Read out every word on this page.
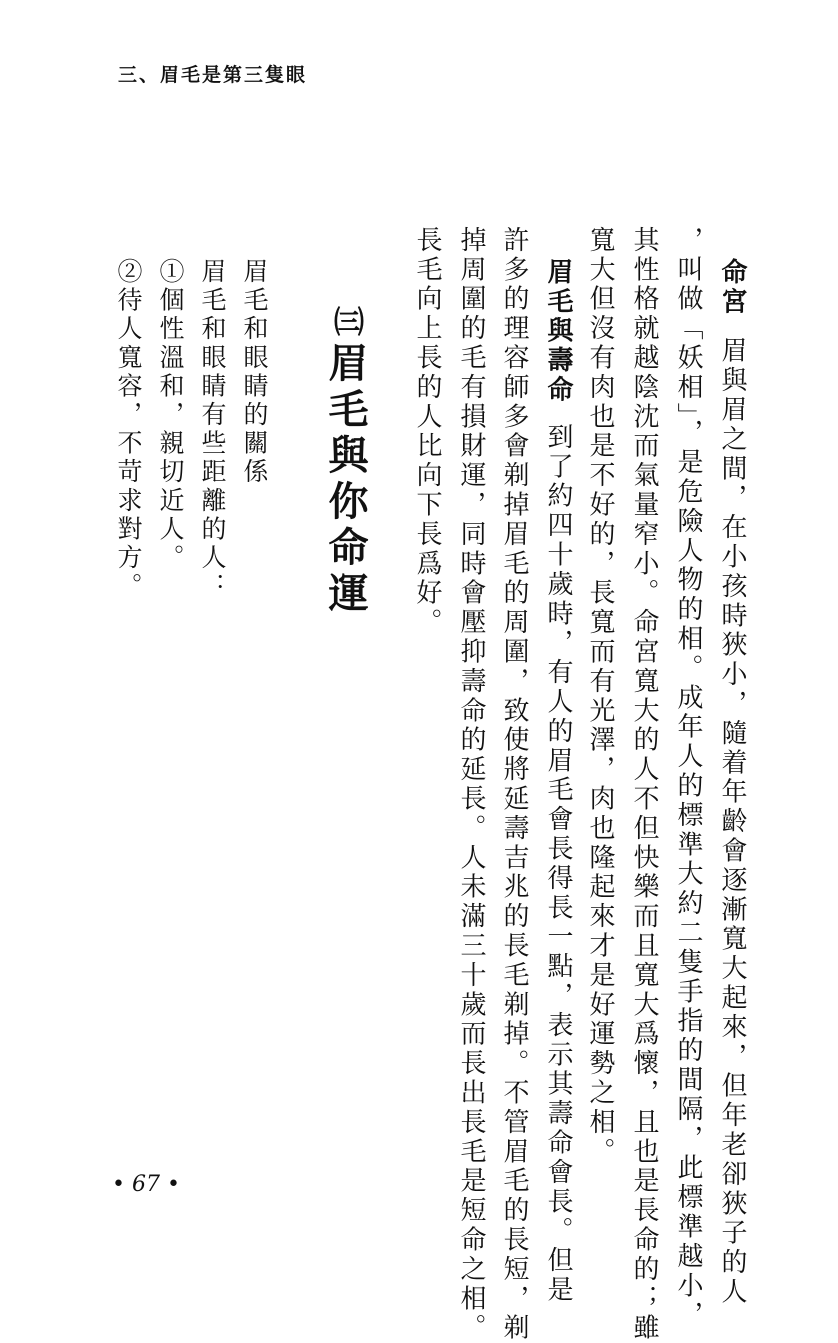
三、眉毛是第三隻眼
命宮眉與眉之間，在小孩時狹小，隨着年齡會逐漸寬大起來，但年老卻狹子的人
，叫做「妖相」，是危險人物的相。成年人的標準大約二隻手指的間隔，此標準越小，
其性格就越陰沈而氣量窄小。命宮寬大的人不但快樂而且寬大爲懷，且也是長命的；雖
寬大但沒有肉也是不好的，長寬而有光澤，肉也隆起來才是好運勢之相。
眉毛與壽命到了約四十歲時，有人的眉毛會長得長一點，表示其壽命會長。但是
許多的理容師多會剃掉眉毛的周圍，致使將延壽吉兆的長毛剃掉。不管眉毛的長短，剃
掉周圍的毛有損財運，同時會壓抑壽命的延長。人未滿三十歲而長出長毛是短命之相。
長毛向上長的人比向下長爲好。
㈢眉毛與你命運
眉毛和眼睛的關係
眉毛和眼睛有些距離的人：
①個性溫和，親切近人。
②待人寬容，不苛求對方。
• 67 •
